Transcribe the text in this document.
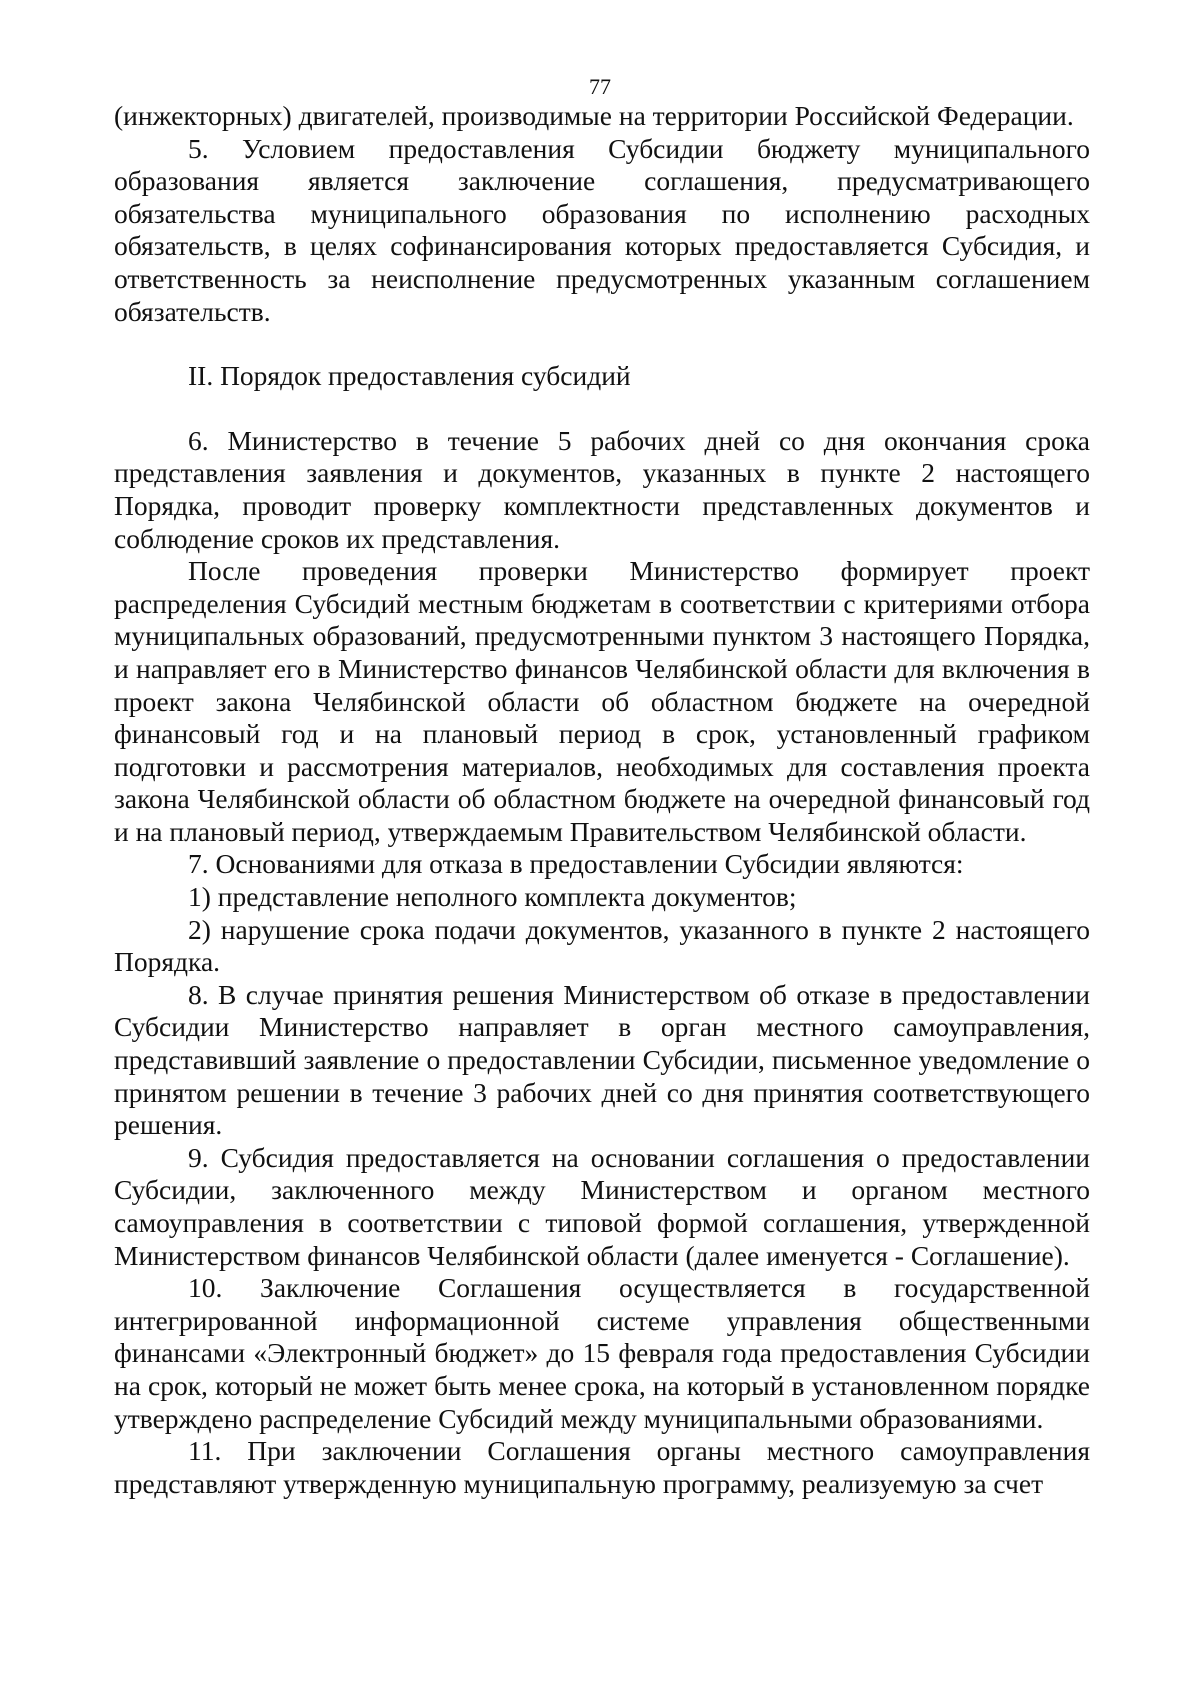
77

(инжекторных) двигателей, производимые на территории Российской Федерации.

5. Условием предоставления Субсидии бюджету муниципального образования является заключение соглашения, предусматривающего обязательства муниципального образования по исполнению расходных обязательств, в целях софинансирования которых предоставляется Субсидия, и ответственность за неисполнение предусмотренных указанным соглашением обязательств.

II. Порядок предоставления субсидий

6. Министерство в течение 5 рабочих дней со дня окончания срока представления заявления и документов, указанных в пункте 2 настоящего Порядка, проводит проверку комплектности представленных документов и соблюдение сроков их представления.

После проведения проверки Министерство формирует проект распределения Субсидий местным бюджетам в соответствии с критериями отбора муниципальных образований, предусмотренными пунктом 3 настоящего Порядка, и направляет его в Министерство финансов Челябинской области для включения в проект закона Челябинской области об областном бюджете на очередной финансовый год и на плановый период в срок, установленный графиком подготовки и рассмотрения материалов, необходимых для составления проекта закона Челябинской области об областном бюджете на очередной финансовый год и на плановый период, утверждаемым Правительством Челябинской области.

7. Основаниями для отказа в предоставлении Субсидии являются:

1) представление неполного комплекта документов;

2) нарушение срока подачи документов, указанного в пункте 2 настоящего Порядка.

8. В случае принятия решения Министерством об отказе в предоставлении Субсидии Министерство направляет в орган местного самоуправления, представивший заявление о предоставлении Субсидии, письменное уведомление о принятом решении в течение 3 рабочих дней со дня принятия соответствующего решения.

9. Субсидия предоставляется на основании соглашения о предоставлении Субсидии, заключенного между Министерством и органом местного самоуправления в соответствии с типовой формой соглашения, утвержденной Министерством финансов Челябинской области (далее именуется - Соглашение).

10. Заключение Соглашения осуществляется в государственной интегрированной информационной системе управления общественными финансами «Электронный бюджет» до 15 февраля года предоставления Субсидии на срок, который не может быть менее срока, на который в установленном порядке утверждено распределение Субсидий между муниципальными образованиями.

11. При заключении Соглашения органы местного самоуправления представляют утвержденную муниципальную программу, реализуемую за счет
